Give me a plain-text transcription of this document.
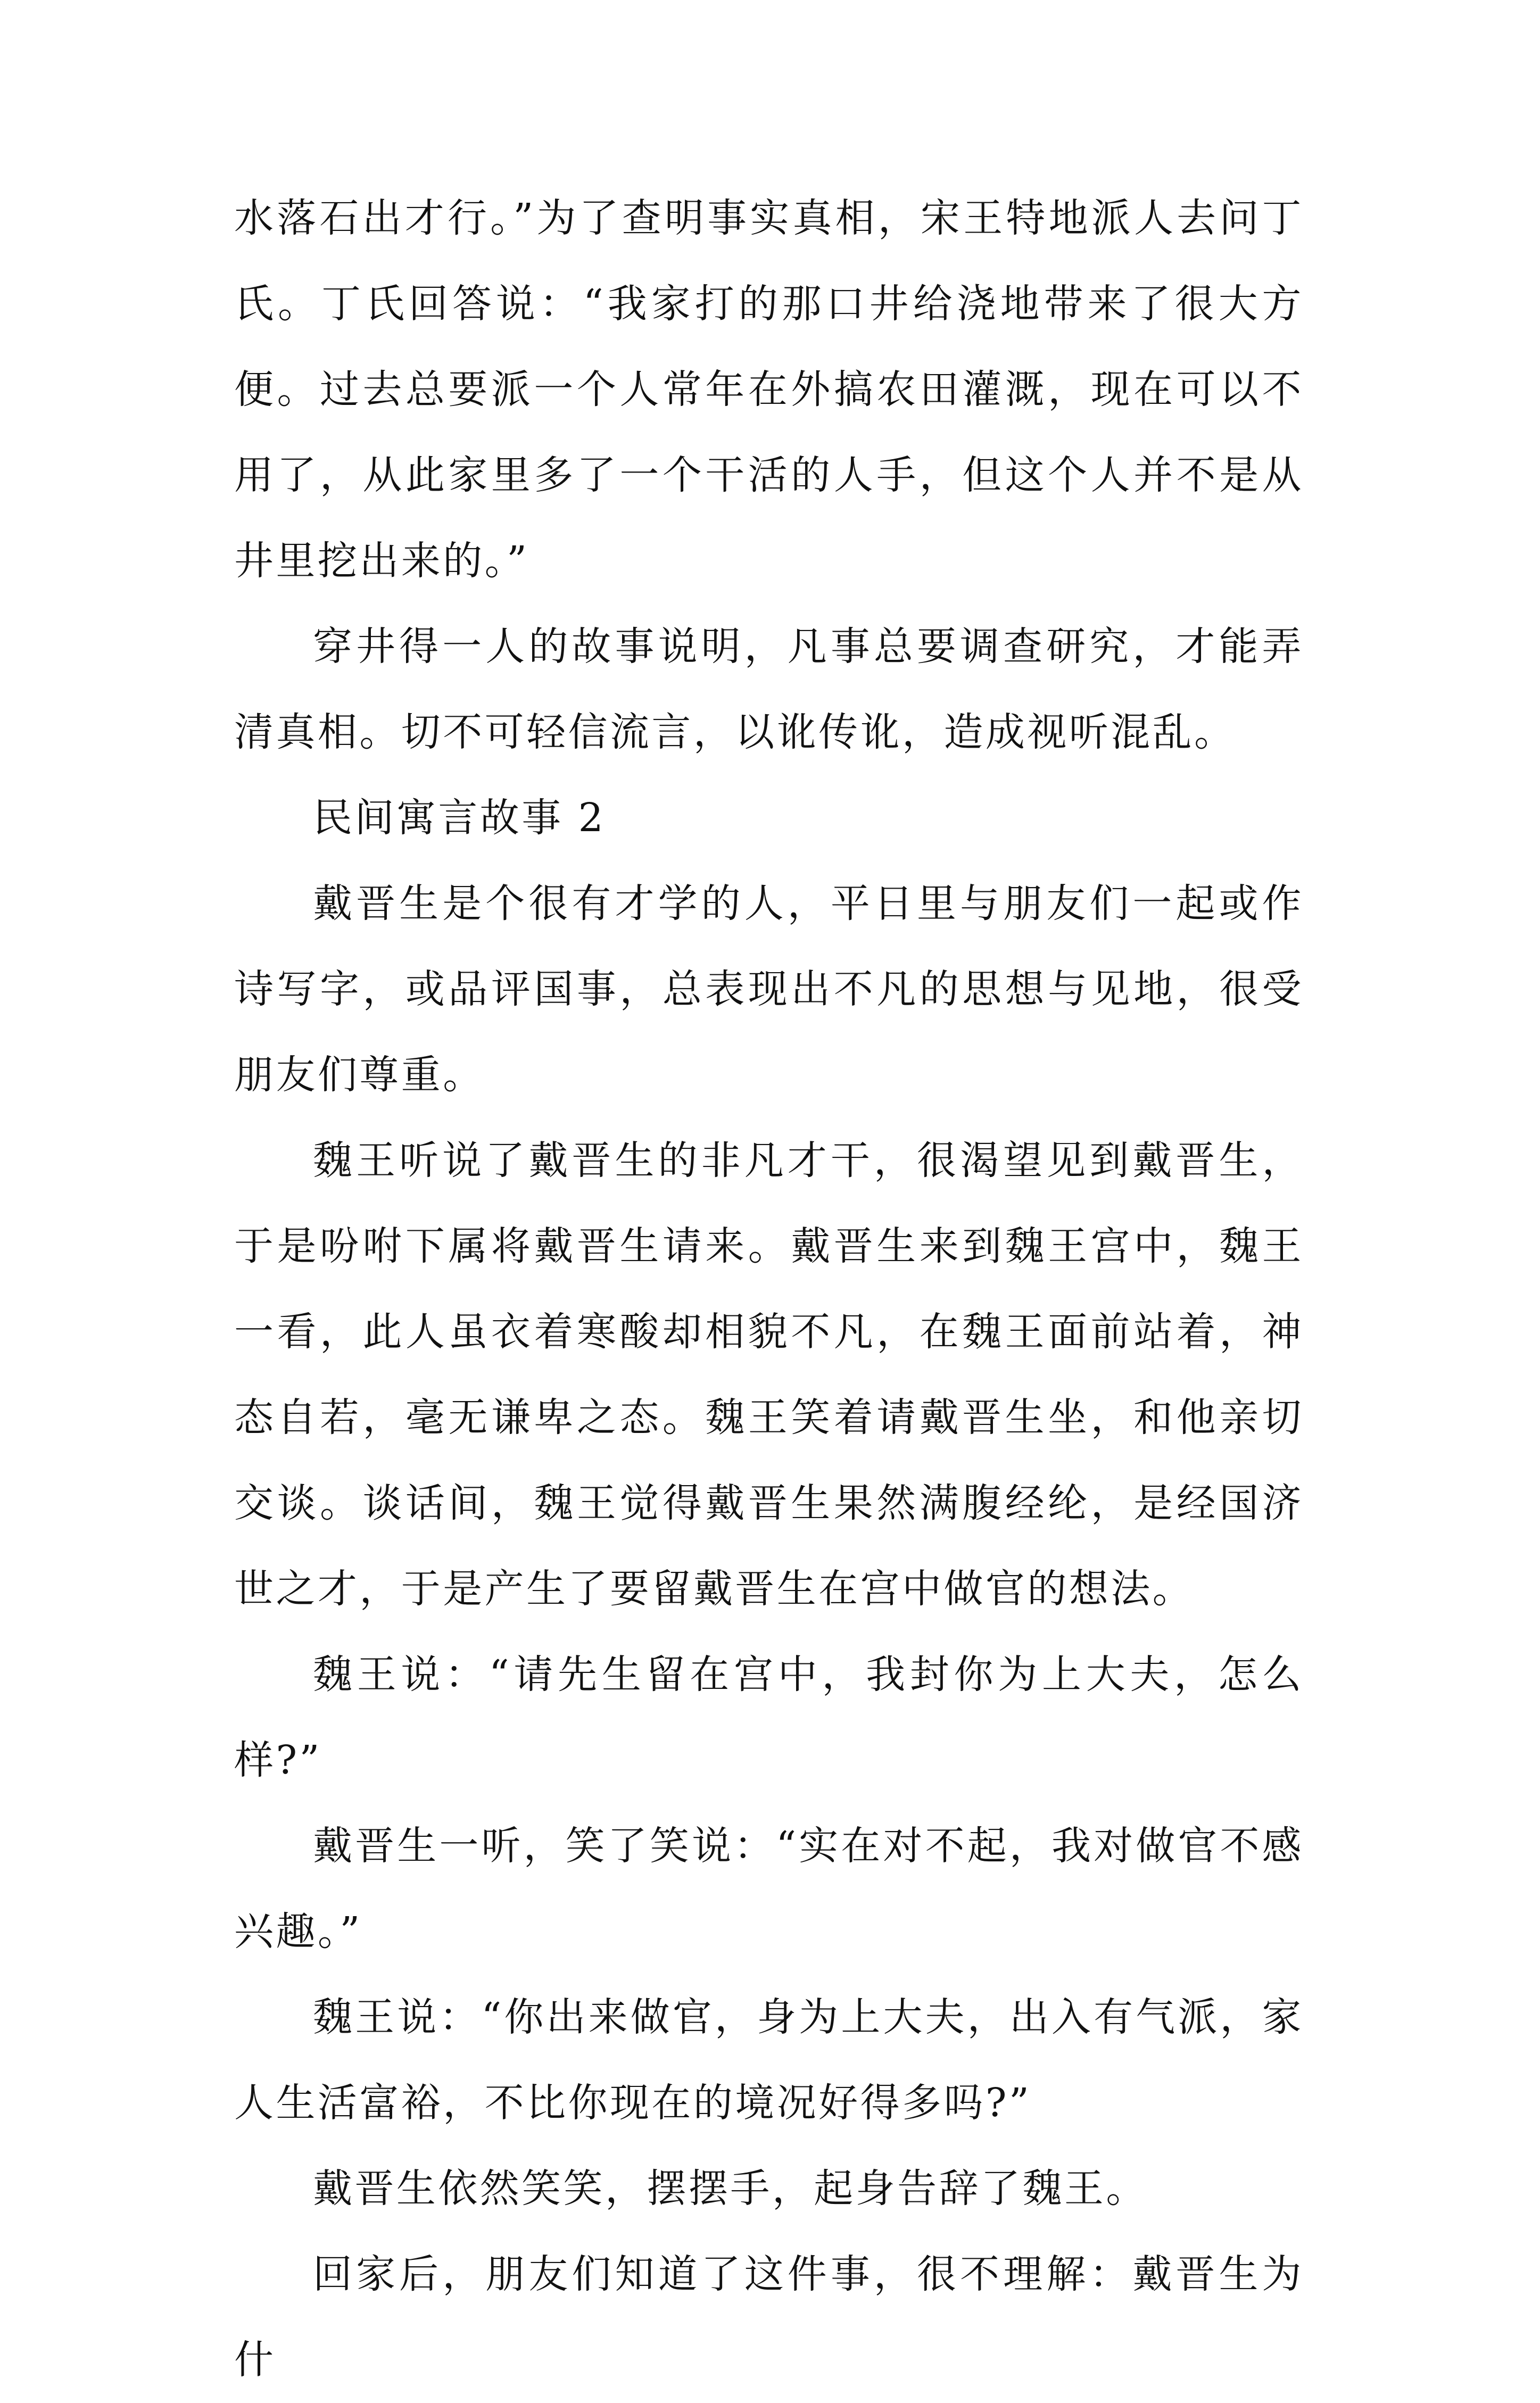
水落石出才行。”为了查明事实真相，宋王特地派人去问丁氏。丁氏回答说：“我家打的那口井给浇地带来了很大方便。过去总要派一个人常年在外搞农田灌溉，现在可以不用了，从此家里多了一个干活的人手，但这个人并不是从井里挖出来的。”

穿井得一人的故事说明，凡事总要调查研究，才能弄清真相。切不可轻信流言，以讹传讹，造成视听混乱。

民间寓言故事 2

戴晋生是个很有才学的人，平日里与朋友们一起或作诗写字，或品评国事，总表现出不凡的思想与见地，很受朋友们尊重。

魏王听说了戴晋生的非凡才干，很渴望见到戴晋生，于是吩咐下属将戴晋生请来。戴晋生来到魏王宫中，魏王一看，此人虽衣着寒酸却相貌不凡，在魏王面前站着，神态自若，毫无谦卑之态。魏王笑着请戴晋生坐，和他亲切交谈。谈话间，魏王觉得戴晋生果然满腹经纶，是经国济世之才，于是产生了要留戴晋生在宫中做官的想法。

魏王说：“请先生留在宫中，我封你为上大夫，怎么样?”

戴晋生一听，笑了笑说：“实在对不起，我对做官不感兴趣。”

魏王说：“你出来做官，身为上大夫，出入有气派，家人生活富裕，不比你现在的境况好得多吗?”

戴晋生依然笑笑，摆摆手，起身告辞了魏王。

回家后，朋友们知道了这件事，很不理解：戴晋生为什
